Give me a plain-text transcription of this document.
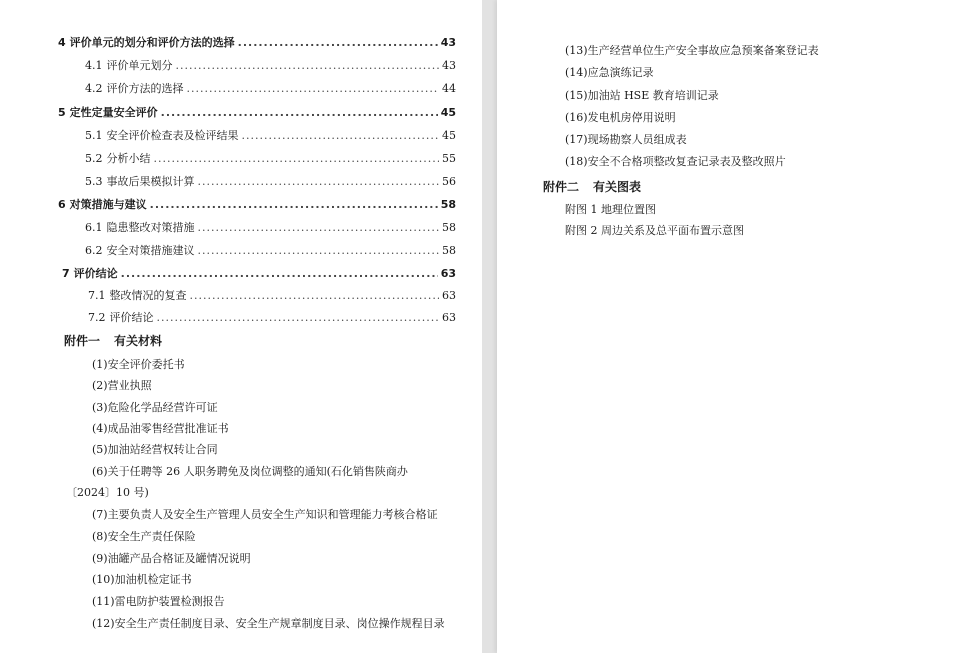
4 评价单元的划分和评价方法的选择 .....	43
4.1 评价单元划分 .....	43
4.2 评价方法的选择 .....	44
5 定性定量安全评价 .....	45
5.1 安全评价检查表及检评结果 .....	45
5.2 分析小结 .....	55
5.3 事故后果模拟计算 .....	56
6 对策措施与建议 .....	58
6.1 隐患整改对策措施 .....	58
6.2 安全对策措施建议 .....	58
7 评价结论 .....	63
7.1 整改情况的复查 .....	63
7.2 评价结论 .....	63
附件一 有关材料
(1)安全评价委托书
(2)营业执照
(3)危险化学品经营许可证
(4)成品油零售经营批准证书
(5)加油站经营权转让合同
(6)关于任聘等 26 人职务聘免及岗位调整的通知(石化销售陕商办
〔2024〕10 号)
(7)主要负责人及安全生产管理人员安全生产知识和管理能力考核合格证
(8)安全生产责任保险
(9)油罐产品合格证及罐情况说明
(10)加油机检定证书
(11)雷电防护装置检测报告
(12)安全生产责任制度目录、安全生产规章制度目录、岗位操作规程目录
(13)生产经营单位生产安全事故应急预案备案登记表
(14)应急演练记录
(15)加油站 HSE 教育培训记录
(16)发电机房停用说明
(17)现场勘察人员组成表
(18)安全不合格项整改复查记录表及整改照片
附件二 有关图表
附图 1 地理位置图
附图 2 周边关系及总平面布置示意图
